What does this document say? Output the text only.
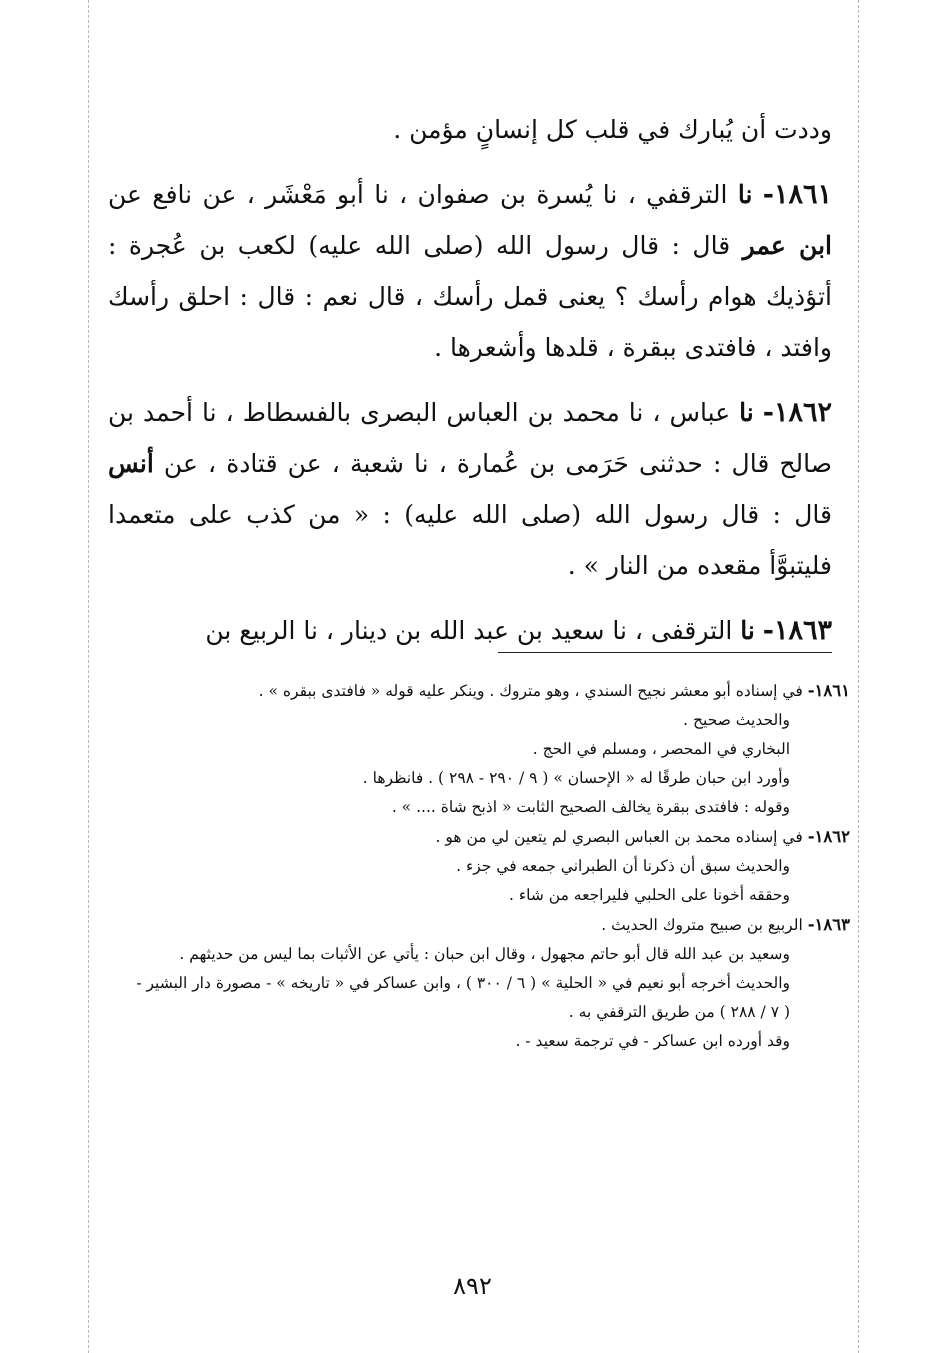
وددت أن يُبارك في قلب كل إنسانٍ مؤمن .

١٨٦١- نا الترقفي ، نا يُسرة بن صفوان ، نا أبو مَعْشَر ، عن نافع عن ابن عمر قال : قال رسول الله (صلى الله عليه) لكعب بن عُجرة : أتؤذيك هوام رأسك ؟ يعنى قمل رأسك ، قال نعم : قال : احلق رأسك وافتد ، فافتدى ببقرة ، قلدها وأشعرها .

١٨٦٢- نا عباس ، نا محمد بن العباس البصرى بالفسطاط ، نا أحمد بن صالح قال : حدثنى حَرَمى بن عُمارة ، نا شعبة ، عن قتادة ، عن أنس قال : قال رسول الله (صلى الله عليه) : « من كذب على متعمدا فليتبوَّأ مقعده من النار » .

١٨٦٣- نا الترقفى ، نا سعيد بن عبد الله بن دينار ، نا الربيع بن

١٨٦١- في إسناده أبو معشر نجيح السندي ، وهو متروك . وينكر عليه قوله « فافتدى ببقره » .

والحديث صحيح .

البخاري في المحصر ، ومسلم في الحج .

وأورد ابن حبان طرقًا له « الإحسان » ( ٩ / ٢٩٠ - ٢٩٨ ) . فانظرها .

وقوله : فافتدى ببقرة يخالف الصحيح الثابت « اذبح شاة .... » .

١٨٦٢- في إسناده محمد بن العباس البصري لم يتعين لي من هو .

والحديث سبق أن ذكرنا أن الطبراني جمعه في جزء .

وحققه أخونا على الحلبي فليراجعه من شاء .

١٨٦٣- الربيع بن صبيح متروك الحديث .

وسعيد بن عبد الله قال أبو حاتم مجهول ، وقال ابن حبان : يأتي عن الأثبات بما ليس من حديثهم .

والحديث أخرجه أبو نعيم في « الحلية » ( ٦ / ٣٠٠ ) ، وابن عساكر في « تاريخه » - مصورة دار البشير - ( ٧ / ٢٨٨ ) من طريق الترقفي به .

وقد أورده ابن عساكر - في ترجمة سعيد - .

٨٩٢
